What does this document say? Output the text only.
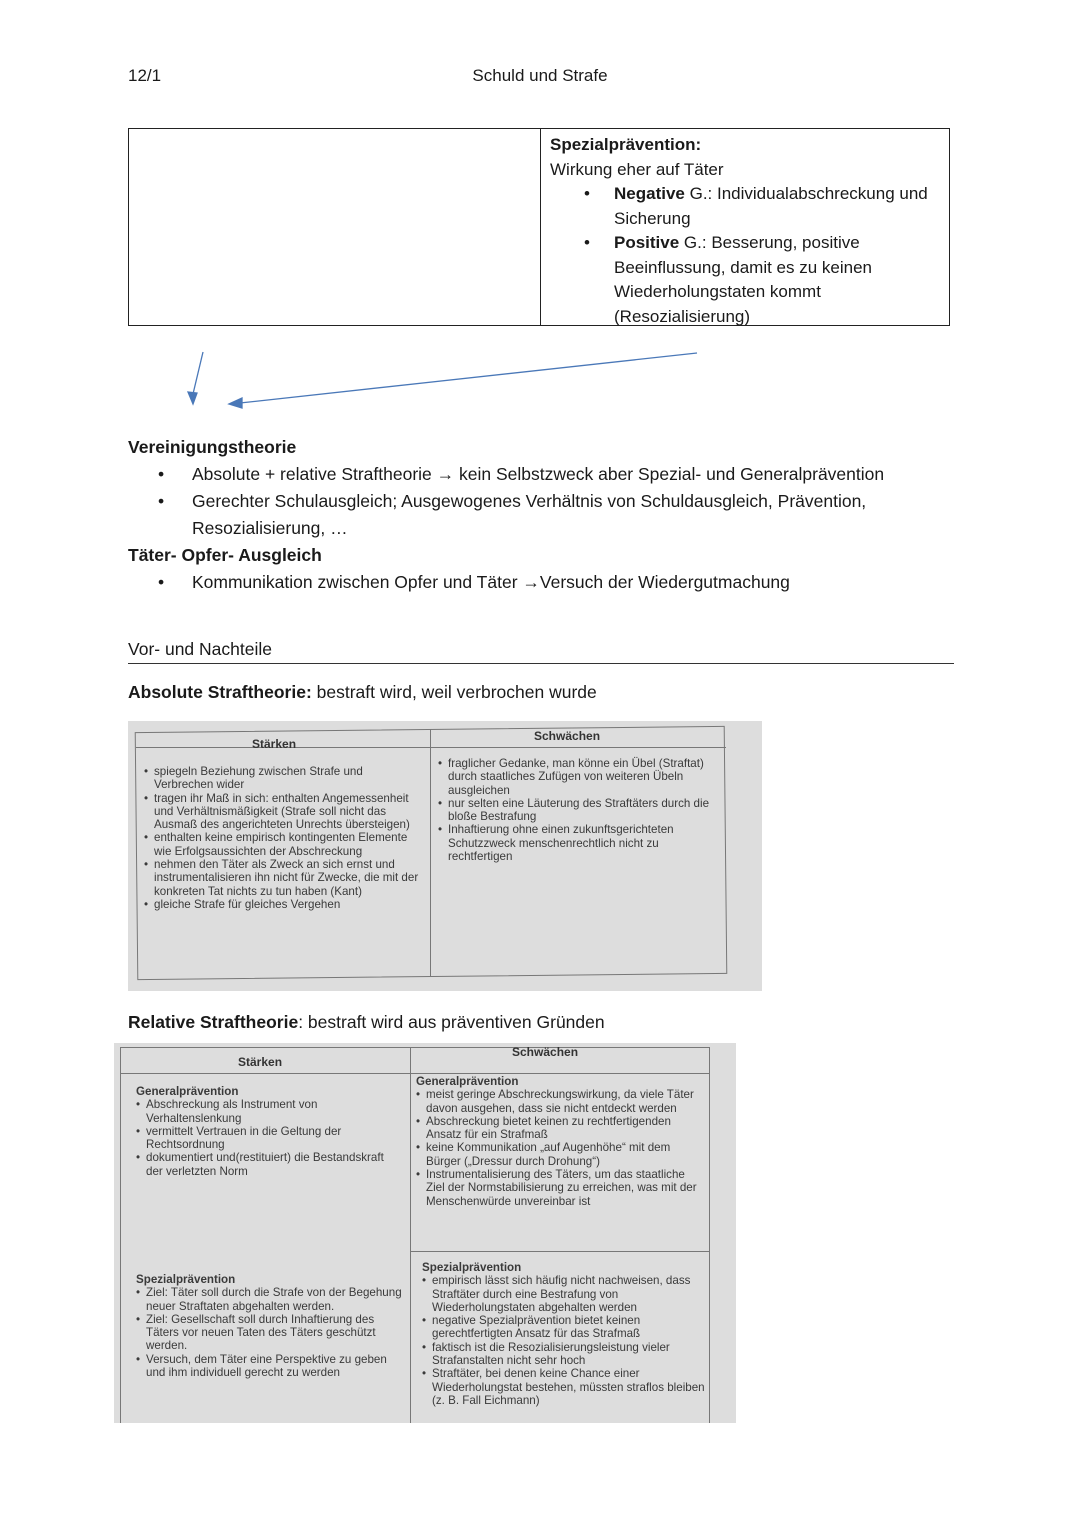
12/1	Schuld und Strafe
Spezialprävention:
Wirkung eher auf Täter
• Negative G.: Individualabschreckung und Sicherung
• Positive G.: Besserung, positive Beeinflussung, damit es zu keinen Wiederholungstaten kommt (Resozialisierung)
Vereinigungstheorie
• Absolute + relative Straftheorie → kein Selbstzweck aber Spezial- und Generalprävention
• Gerechter Schulausgleich; Ausgewogenes Verhältnis von Schuldausgleich, Prävention, Resozialisierung, …
Täter- Opfer- Ausgleich
• Kommunikation zwischen Opfer und Täter →Versuch der Wiedergutmachung
Vor- und Nachteile
Absolute Straftheorie: bestraft wird, weil verbrochen wurde
Stärken
Schwächen
• spiegeln Beziehung zwischen Strafe und Verbrechen wider
• tragen ihr Maß in sich: enthalten Angemessenheit und Verhältnismäßigkeit (Strafe soll nicht das Ausmaß des angerichteten Unrechts übersteigen)
• enthalten keine empirisch kontingenten Elemente wie Erfolgsaussichten der Abschreckung
• nehmen den Täter als Zweck an sich ernst und instrumentalisieren ihn nicht für Zwecke, die mit der konkreten Tat nichts zu tun haben (Kant)
• gleiche Strafe für gleiches Vergehen
• fraglicher Gedanke, man könne ein Übel (Straftat) durch staatliches Zufügen von weiteren Übeln ausgleichen
• nur selten eine Läuterung des Straftäters durch die bloße Bestrafung
• Inhaftierung ohne einen zukunftsgerichteten Schutzzweck menschenrechtlich nicht zu rechtfertigen
Relative Straftheorie: bestraft wird aus präventiven Gründen
Stärken
Schwächen
Generalprävention
• Abschreckung als Instrument von Verhaltenslenkung
• vermittelt Vertrauen in die Geltung der Rechtsordnung
• dokumentiert und(restituiert) die Bestandskraft der verletzten Norm
Generalprävention
• meist geringe Abschreckungswirkung, da viele Täter davon ausgehen, dass sie nicht entdeckt werden
• Abschreckung bietet keinen zu rechtfertigenden Ansatz für ein Strafmaß
• keine Kommunikation „auf Augenhöhe“ mit dem Bürger („Dressur durch Drohung“)
• Instrumentalisierung des Täters, um das staatliche Ziel der Normstabilisierung zu erreichen, was mit der Menschenwürde unvereinbar ist
Spezialprävention
• Ziel: Täter soll durch die Strafe von der Begehung neuer Straftaten abgehalten werden.
• Ziel: Gesellschaft soll durch Inhaftierung des Täters vor neuen Taten des Täters geschützt werden.
• Versuch, dem Täter eine Perspektive zu geben und ihm individuell gerecht zu werden
Spezialprävention
• empirisch lässt sich häufig nicht nachweisen, dass Straftäter durch eine Bestrafung von Wiederholungstaten abgehalten werden
• negative Spezialprävention bietet keinen gerechtfertigten Ansatz für das Strafmaß
• faktisch ist die Resozialisierungsleistung vieler Strafanstalten nicht sehr hoch
• Straftäter, bei denen keine Chance einer Wiederholungstat bestehen, müssten straflos bleiben (z. B. Fall Eichmann)
